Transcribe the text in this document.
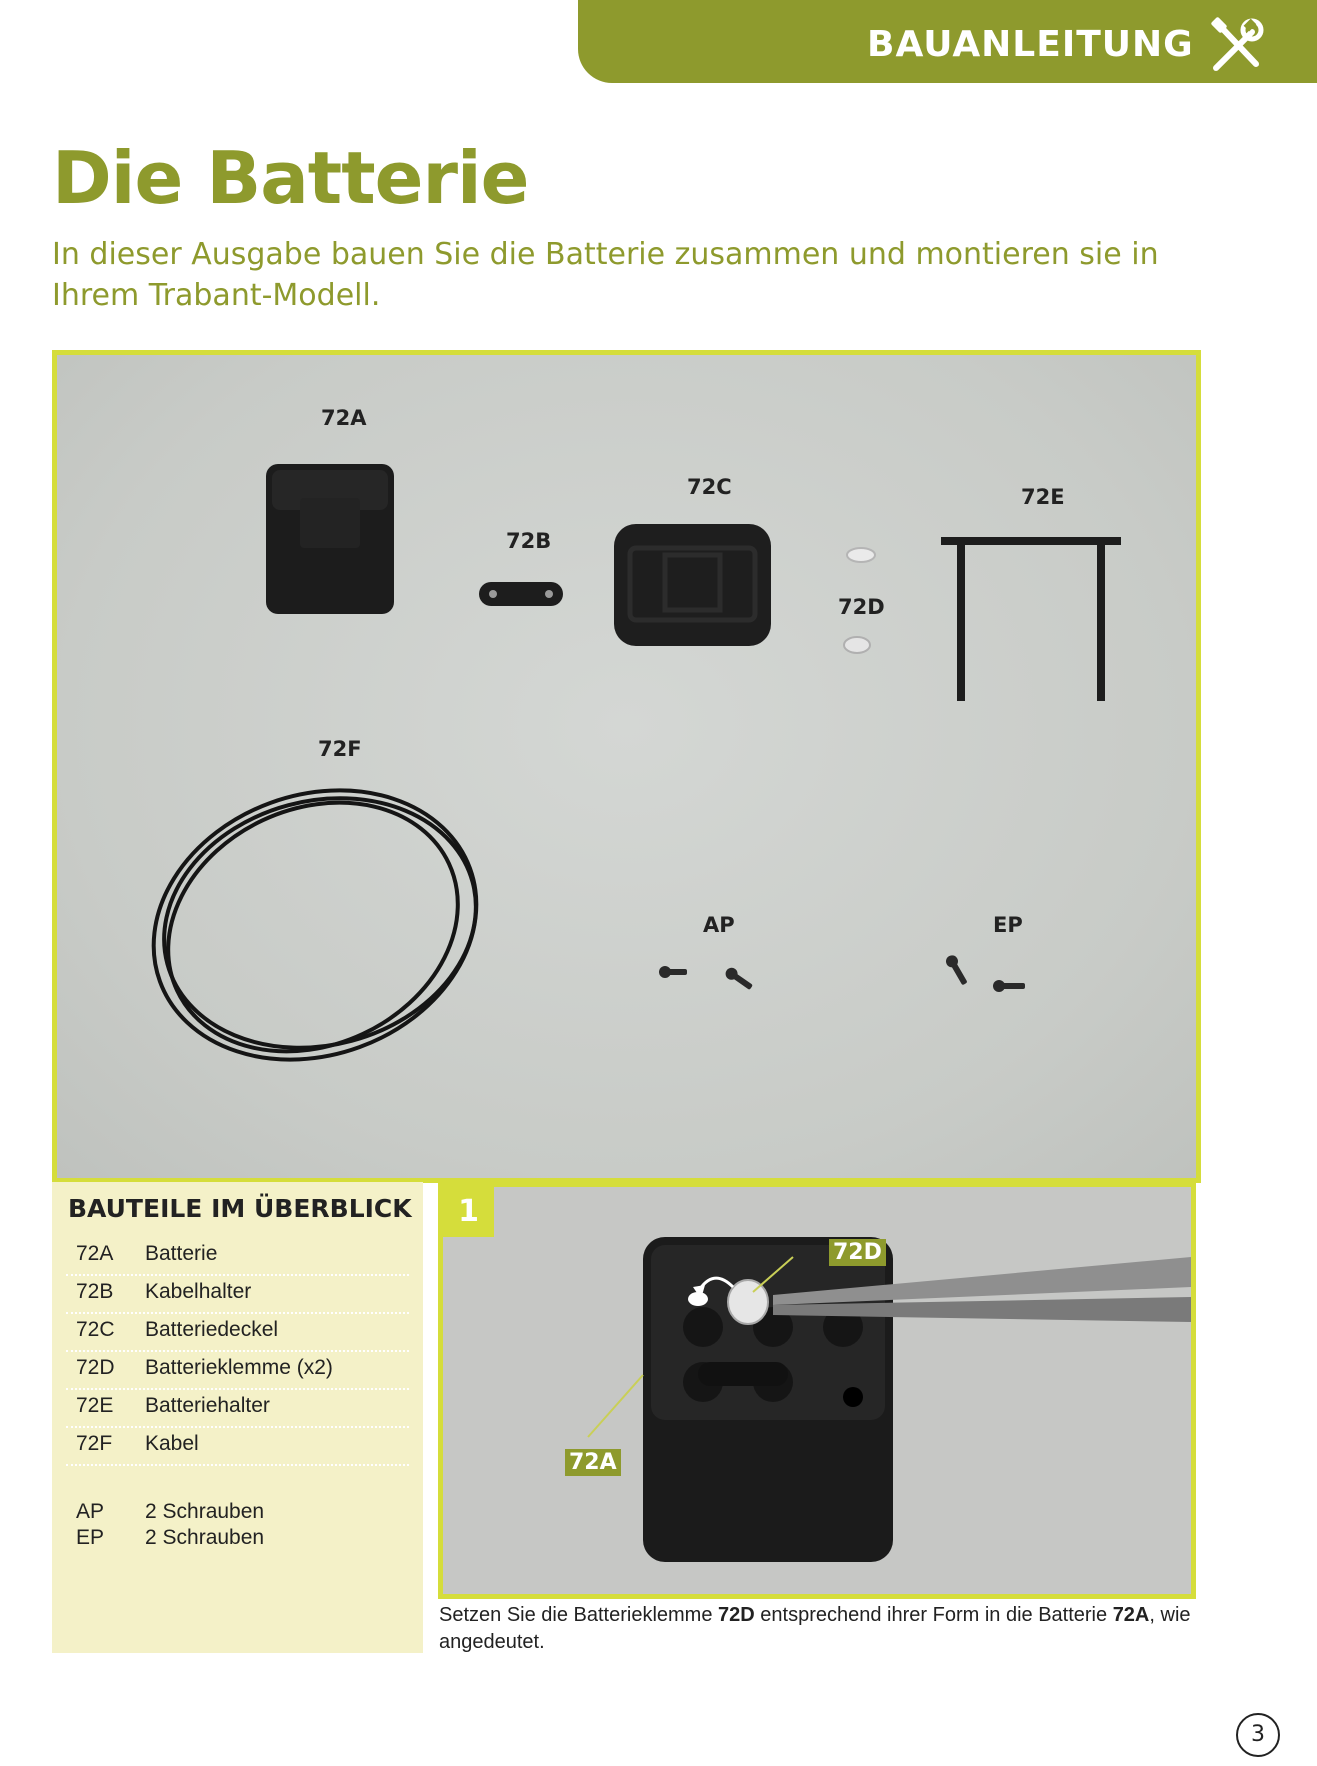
BAUANLEITUNG
Die Batterie

In dieser Ausgabe bauen Sie die Batterie zusammen und montieren sie in Ihrem Trabant-Modell.

72A
72B
72C
72D
72E
72F
AP	EP
BAUTEILE IM ÜBERBLICK
72A Batterie
72B Kabelhalter
72C Batteriedeckel
72D Batterieklemme (x2)
72E Batteriehalter
72F Kabel
AP 2 Schrauben
EP 2 Schrauben
1
72D
72A

Setzen Sie die Batterieklemme 72D entsprechend ihrer Form in die Batterie 72A, wie angedeutet.

3
